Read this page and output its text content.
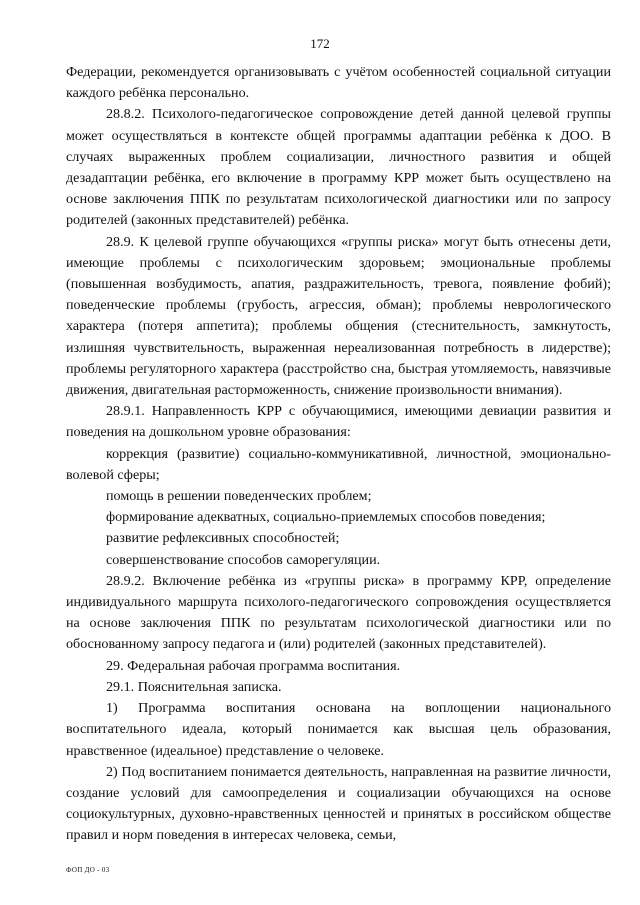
172

Федерации, рекомендуется организовывать с учётом особенностей социальной ситуации каждого ребёнка персонально.

28.8.2. Психолого-педагогическое сопровождение детей данной целевой группы может осуществляться в контексте общей программы адаптации ребёнка к ДОО. В случаях выраженных проблем социализации, личностного развития и общей дезадаптации ребёнка, его включение в программу КРР может быть осуществлено на основе заключения ППК по результатам психологической диагностики или по запросу родителей (законных представителей) ребёнка.

28.9. К целевой группе обучающихся «группы риска» могут быть отнесены дети, имеющие проблемы с психологическим здоровьем; эмоциональные проблемы (повышенная возбудимость, апатия, раздражительность, тревога, появление фобий); поведенческие проблемы (грубость, агрессия, обман); проблемы неврологического характера (потеря аппетита); проблемы общения (стеснительность, замкнутость, излишняя чувствительность, выраженная нереализованная потребность в лидерстве); проблемы регуляторного характера (расстройство сна, быстрая утомляемость, навязчивые движения, двигательная расторможенность, снижение произвольности внимания).

28.9.1. Направленность КРР с обучающимися, имеющими девиации развития и поведения на дошкольном уровне образования:

коррекция (развитие) социально-коммуникативной, личностной, эмоционально-волевой сферы;

помощь в решении поведенческих проблем;

формирование адекватных, социально-приемлемых способов поведения;

развитие рефлексивных способностей;

совершенствование способов саморегуляции.

28.9.2. Включение ребёнка из «группы риска» в программу КРР, определение индивидуального маршрута психолого-педагогического сопровождения осуществляется на основе заключения ППК по результатам психологической диагностики или по обоснованному запросу педагога и (или) родителей (законных представителей).

29. Федеральная рабочая программа воспитания.

29.1. Пояснительная записка.

1) Программа воспитания основана на воплощении национального воспитательного идеала, который понимается как высшая цель образования, нравственное (идеальное) представление о человеке.

2) Под воспитанием понимается деятельность, направленная на развитие личности, создание условий для самоопределения и социализации обучающихся на основе социокультурных, духовно-нравственных ценностей и принятых в российском обществе правил и норм поведения в интересах человека, семьи,

ФОП ДО - 03
